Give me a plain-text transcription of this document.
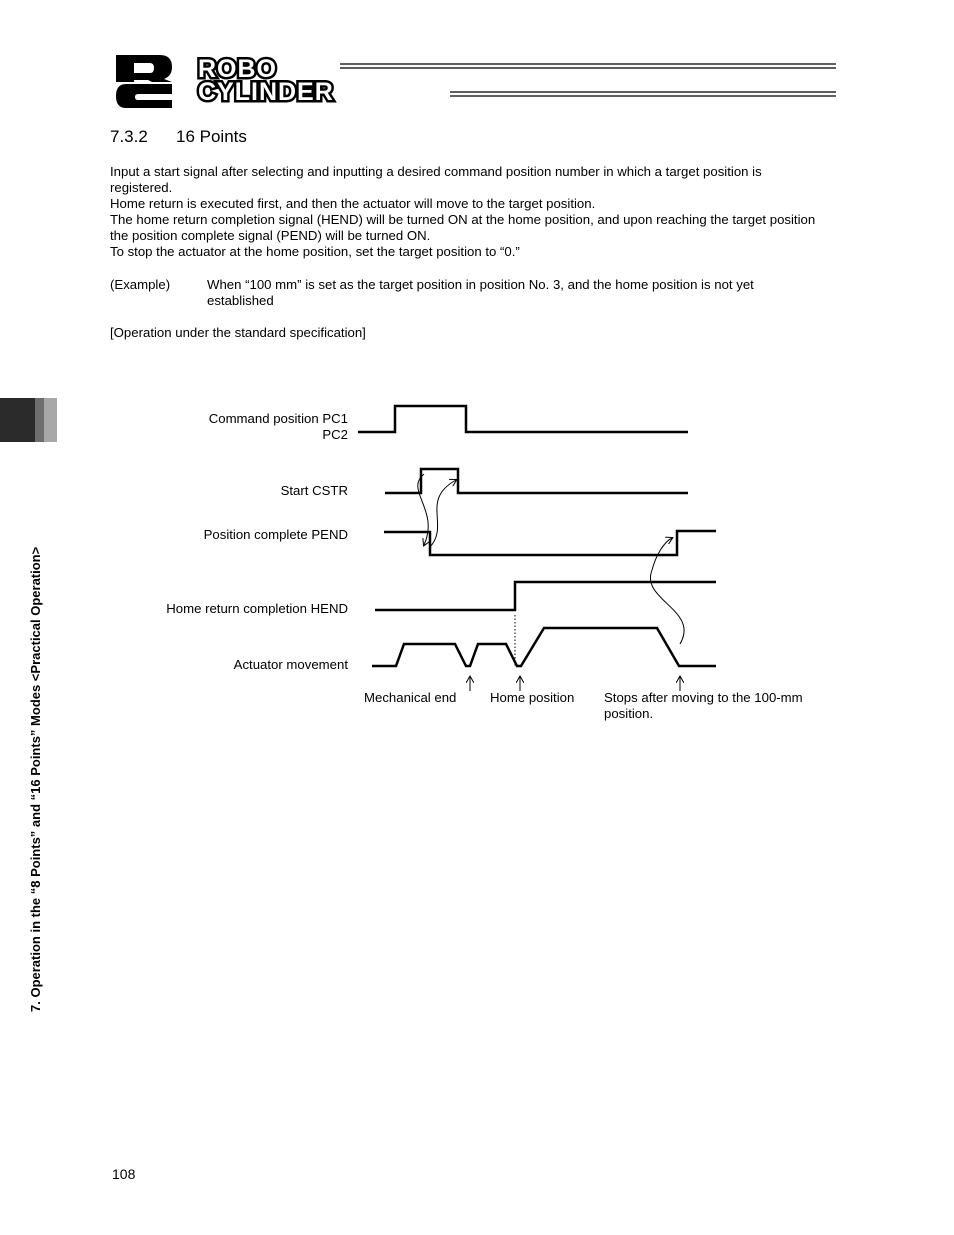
ROBO
CYLINDER
7.3.2 16 Points

Input a start signal after selecting and inputting a desired command position number in which a target position is registered.

Home return is executed first, and then the actuator will move to the target position.

The home return completion signal (HEND) will be turned ON at the home position, and upon reaching the target position the position complete signal (PEND) will be turned ON.

To stop the actuator at the home position, set the target position to “0.”

(Example)	When “100 mm” is set as the target position in position No. 3, and the home position is not yet established
[Operation under the standard specification]
Command position PC1
PC2
Start CSTR
Position complete PEND
Home return completion HEND
Actuator movement
Mechanical end	Home position Stops after moving to the 100-mm position.
7. Operation in the “8 Points” and “16 Points” Modes <Practical Operation>
108
